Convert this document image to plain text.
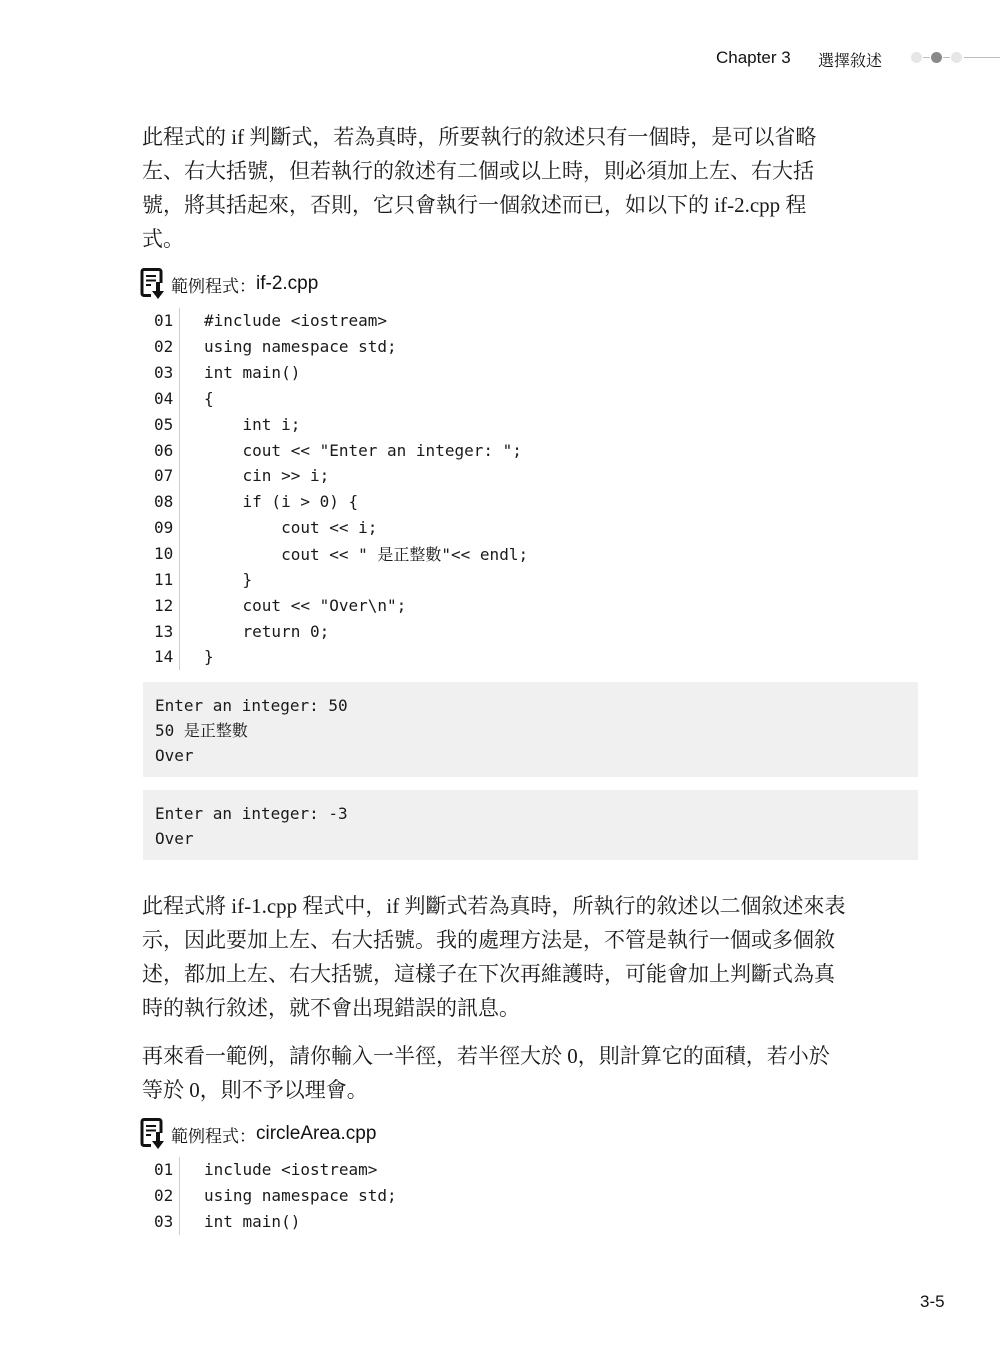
Chapter 3 選擇敘述
此程式的 if 判斷式，若為真時，所要執行的敘述只有一個時，是可以省略
左、右大括號，但若執行的敘述有二個或以上時，則必須加上左、右大括
號，將其括起來，否則，它只會執行一個敘述而已，如以下的 if-2.cpp 程
式。
範例程式： if-2.cpp
01	#include <iostream>
02	using namespace std;
03	int main()
04	{
05	int i;
06	cout << "Enter an integer: ";
07	cin >> i;
08	if (i > 0) {
09	cout << i;
10	cout << " 是正整數"<< endl;
11	}
12	cout << "Over\n";
13	return 0;
14	}
Enter an integer: 50
50 是正整數
Over
Enter an integer: -3
Over
此程式將 if-1.cpp 程式中，if 判斷式若為真時，所執行的敘述以二個敘述來表
示，因此要加上左、右大括號。我的處理方法是，不管是執行一個或多個敘
述，都加上左、右大括號，這樣子在下次再維護時，可能會加上判斷式為真
時的執行敘述，就不會出現錯誤的訊息。
再來看一範例，請你輸入一半徑，若半徑大於 0，則計算它的面積，若小於
等於 0，則不予以理會。
範例程式： circleArea.cpp
01	include <iostream>
02	using namespace std;
03	int main()
3-5
